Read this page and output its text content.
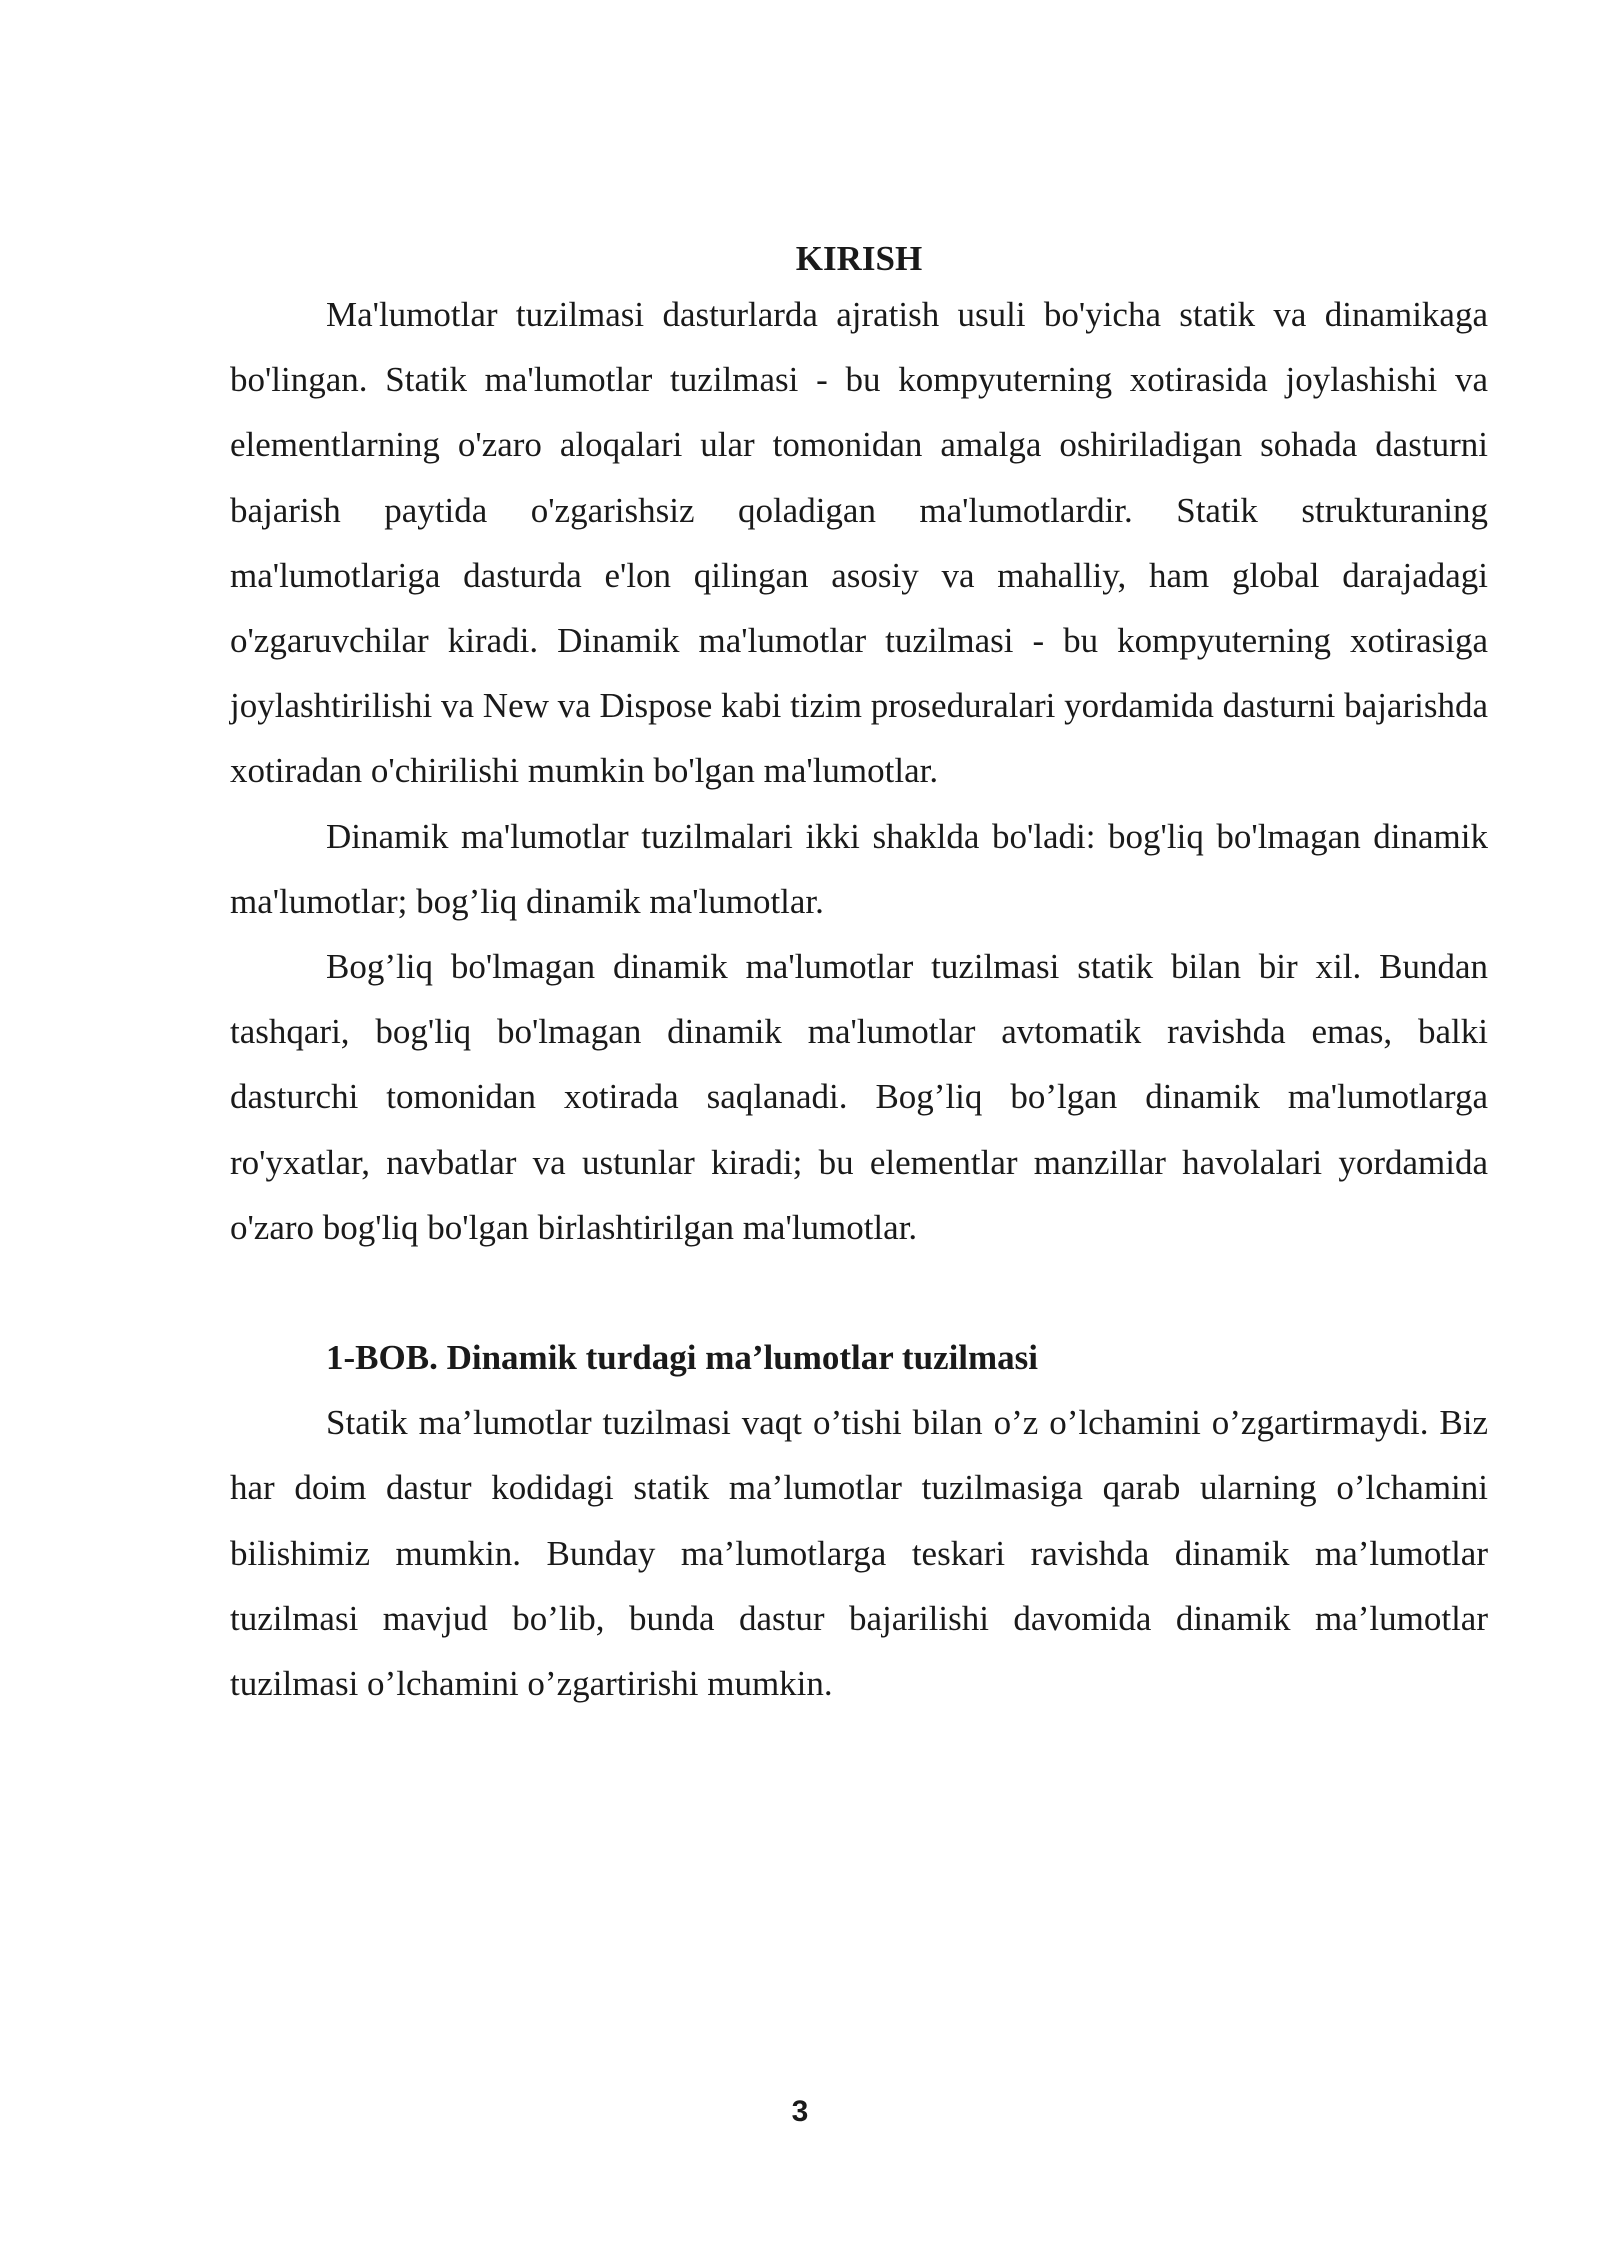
KIRISH

Ma'lumotlar tuzilmasi dasturlarda ajratish usuli bo'yicha statik va dinamikaga bo'lingan. Statik ma'lumotlar tuzilmasi - bu kompyuterning xotirasida joylashishi va elementlarning o'zaro aloqalari ular tomonidan amalga oshiriladigan sohada dasturni bajarish paytida o'zgarishsiz qoladigan ma'lumotlardir. Statik strukturaning ma'lumotlariga dasturda e'lon qilingan asosiy va mahalliy, ham global darajadagi o'zgaruvchilar kiradi. Dinamik ma'lumotlar tuzilmasi - bu kompyuterning xotirasiga joylashtirilishi va New va Dispose kabi tizim proseduralari yordamida dasturni bajarishda xotiradan o'chirilishi mumkin bo'lgan ma'lumotlar.

Dinamik ma'lumotlar tuzilmalari ikki shaklda bo'ladi: bog'liq bo'lmagan dinamik ma'lumotlar; bog’liq dinamik ma'lumotlar.

Bog’liq bo'lmagan dinamik ma'lumotlar tuzilmasi statik bilan bir xil. Bundan tashqari, bog'liq bo'lmagan dinamik ma'lumotlar avtomatik ravishda emas, balki dasturchi tomonidan xotirada saqlanadi. Bog’liq bo’lgan dinamik ma'lumotlarga ro'yxatlar, navbatlar va ustunlar kiradi; bu elementlar manzillar havolalari yordamida o'zaro bog'liq bo'lgan birlashtirilgan ma'lumotlar.

1-BOB. Dinamik turdagi ma’lumotlar tuzilmasi

Statik ma’lumotlar tuzilmasi vaqt o’tishi bilan o’z o’lchamini o’zgartirmaydi. Biz har doim dastur kodidagi statik ma’lumotlar tuzilmasiga qarab ularning o’lchamini bilishimiz mumkin. Bunday ma’lumotlarga teskari ravishda dinamik ma’lumotlar tuzilmasi mavjud bo’lib, bunda dastur bajarilishi davomida dinamik ma’lumotlar tuzilmasi o’lchamini o’zgartirishi mumkin.

3
